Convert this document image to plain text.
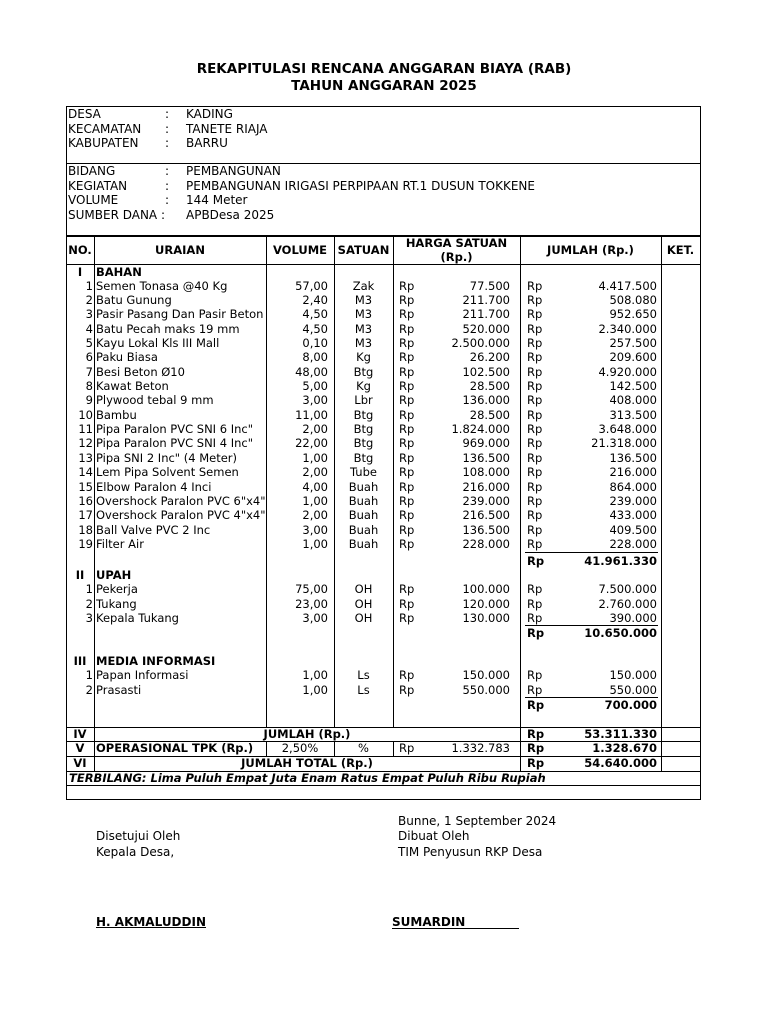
REKAPITULASI RENCANA ANGGARAN BIAYA (RAB)
TAHUN ANGGARAN 2025
DESA	: KADING
KECAMATAN : TANETE RIAJA
KABUPATEN : BARRU
BIDANG	: PEMBANGUNAN
KEGIATAN	: PEMBANGUNAN IRIGASI PERPIPAAN RT.1 DUSUN TOKKENE
VOLUME	: 144 Meter
SUMBER DANA : APBDesa 2025
NO.	URAIAN	VOLUME SATUAN	HARGA SATUAN (Rp.)	JUMLAH (Rp.)	KET.
I	BAHAN
1 Semen Tonasa @40 Kg	57,00	Zak	Rp	77.500 Rp	4.417.500
2 Batu Gunung	2,40	M3	Rp	211.700 Rp	508.080
3 Pasir Pasang Dan Pasir Beton	4,50	M3	Rp	211.700 Rp	952.650
4 Batu Pecah maks 19 mm	4,50	M3	Rp	520.000 Rp	2.340.000
5 Kayu Lokal Kls III Mall	0,10	M3	Rp	2.500.000 Rp	257.500
6 Paku Biasa	8,00	Kg	Rp	26.200 Rp	209.600
7 Besi Beton Ø10	48,00	Btg	Rp	102.500 Rp	4.920.000
8 Kawat Beton	5,00	Kg	Rp	28.500 Rp	142.500
9 Plywood tebal 9 mm	3,00	Lbr	Rp	136.000 Rp	408.000
10 Bambu	11,00	Btg	Rp	28.500 Rp	313.500
11 Pipa Paralon PVC SNI 6 Inc"	2,00	Btg	Rp	1.824.000 Rp	3.648.000
12 Pipa Paralon PVC SNI 4 Inc"	22,00	Btg	Rp	969.000 Rp	21.318.000
13 Pipa SNI 2 Inc" (4 Meter)	1,00	Btg	Rp	136.500 Rp	136.500
14 Lem Pipa Solvent Semen	2,00	Tube	Rp	108.000 Rp	216.000
15 Elbow Paralon 4 Inci	4,00	Buah	Rp	216.000 Rp	864.000
16 Overshock Paralon PVC 6"x4"	1,00	Buah	Rp	239.000 Rp	239.000
17 Overshock Paralon PVC 4"x4"	2,00	Buah	Rp	216.500 Rp	433.000
18 Ball Valve PVC 2 Inc	3,00	Buah	Rp	136.500 Rp	409.500
19 Filter Air	1,00	Buah	Rp	228.000 Rp	228.000
Rp	41.961.330
II	UPAH
1 Pekerja	75,00	OH	Rp	100.000 Rp	7.500.000
2 Tukang	23,00	OH	Rp	120.000 Rp	2.760.000
3 Kepala Tukang	3,00	OH	Rp	130.000 Rp	390.000
Rp	10.650.000
III MEDIA INFORMASI
1 Papan Informasi	1,00	Ls	Rp	150.000 Rp	150.000
2 Prasasti	1,00	Ls	Rp	550.000 Rp	550.000
Rp	700.000
IV	JUMLAH (Rp.)	Rp	53.311.330
V	OPERASIONAL TPK (Rp.)	2,50%	%	Rp	1.332.783 Rp	1.328.670
VI	JUMLAH TOTAL (Rp.)	Rp	54.640.000
TERBILANG: Lima Puluh Empat Juta Enam Ratus Empat Puluh Ribu Rupiah
Bunne, 1 September 2024
Disetujui Oleh
Kepala Desa,
Dibuat Oleh
TIM Penyusun RKP Desa
H. AKMALUDDIN	SUMARDIN
